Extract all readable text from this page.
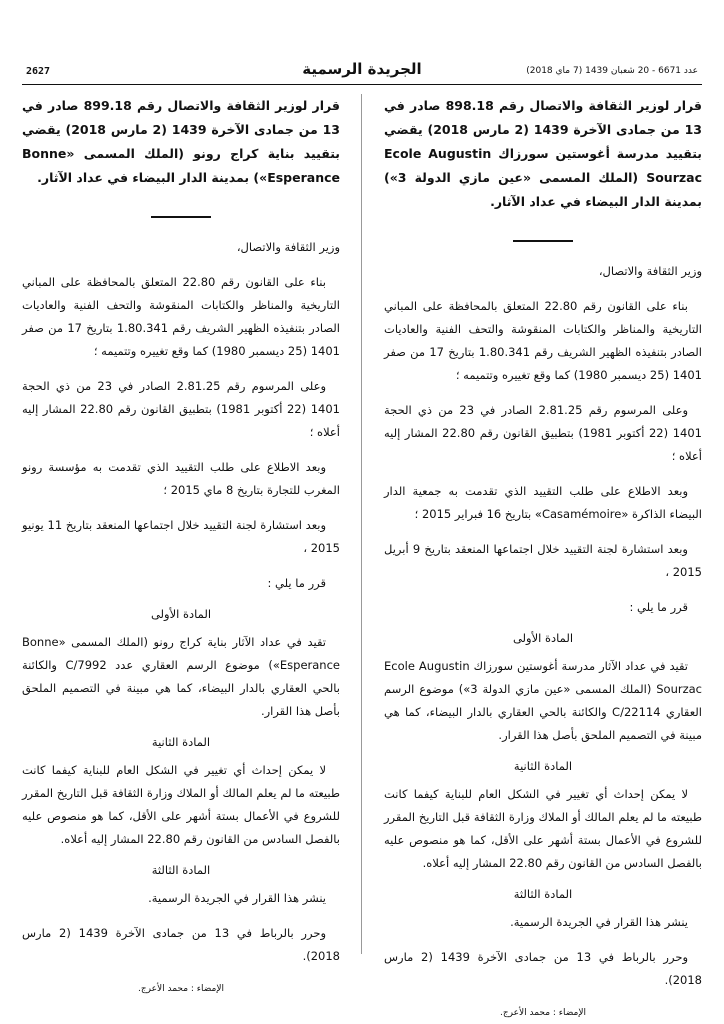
2627	الجريدة الرسمية	عدد 6671 - 20 شعبان 1439 (7 ماي 2018)

قرار لوزير الثقافة والاتصال رقم 898.18 صادر في 13 من جمادى الآخرة 1439 (2 مارس 2018) يقضي بتقييد مدرسة أغوستين سورزاك Ecole Augustin Sourzac (الملك المسمى «عين مازي الدولة 3») بمدينة الدار البيضاء في عداد الآثار.

وزير الثقافة والاتصال،

بناء على القانون رقم 22.80 المتعلق بالمحافظة على المباني التاريخية والمناظر والكتابات المنقوشة والتحف الفنية والعاديات الصادر بتنفيذه الظهير الشريف رقم 1.80.341 بتاريخ 17 من صفر 1401 (25 ديسمبر 1980) كما وقع تغييره وتتميمه ؛

وعلى المرسوم رقم 2.81.25 الصادر في 23 من ذي الحجة 1401 (22 أكتوبر 1981) بتطبيق القانون رقم 22.80 المشار إليه أعلاه ؛

وبعد الاطلاع على طلب التقييد الذي تقدمت به جمعية الدار البيضاء الذاكرة «Casamémoire» بتاريخ 16 فبراير 2015 ؛

وبعد استشارة لجنة التقييد خلال اجتماعها المنعقد بتاريخ 9 أبريل 2015 ،

قرر ما يلي :

المادة الأولى

تقيد في عداد الآثار مدرسة أغوستين سورزاك Ecole Augustin Sourzac (الملك المسمى «عين مازي الدولة 3») موضوع الرسم العقاري C/22114 والكائنة بالحي العقاري بالدار البيضاء، كما هي مبينة في التصميم الملحق بأصل هذا القرار.

المادة الثانية

لا يمكن إحداث أي تغيير في الشكل العام للبناية كيفما كانت طبيعته ما لم يعلم المالك أو الملاك وزارة الثقافة قبل التاريخ المقرر للشروع في الأعمال بستة أشهر على الأقل، كما هو منصوص عليه بالفصل السادس من القانون رقم 22.80 المشار إليه أعلاه.

المادة الثالثة

ينشر هذا القرار في الجريدة الرسمية.

وحرر بالرباط في 13 من جمادى الآخرة 1439 (2 مارس 2018).

الإمضاء : محمد الأعرج.

قرار لوزير الثقافة والاتصال رقم 899.18 صادر في 13 من جمادى الآخرة 1439 (2 مارس 2018) يقضي بتقييد بناية كراج رونو (الملك المسمى «Bonne Esperance») بمدينة الدار البيضاء في عداد الآثار.

وزير الثقافة والاتصال،

بناء على القانون رقم 22.80 المتعلق بالمحافظة على المباني التاريخية والمناظر والكتابات المنقوشة والتحف الفنية والعاديات الصادر بتنفيذه الظهير الشريف رقم 1.80.341 بتاريخ 17 من صفر 1401 (25 ديسمبر 1980) كما وقع تغييره وتتميمه ؛

وعلى المرسوم رقم 2.81.25 الصادر في 23 من ذي الحجة 1401 (22 أكتوبر 1981) بتطبيق القانون رقم 22.80 المشار إليه أعلاه ؛

وبعد الاطلاع على طلب التقييد الذي تقدمت به مؤسسة رونو المغرب للتجارة بتاريخ 8 ماي 2015 ؛

وبعد استشارة لجنة التقييد خلال اجتماعها المنعقد بتاريخ 11 يونيو 2015 ،

قرر ما يلي :

المادة الأولى

تقيد في عداد الآثار بناية كراج رونو (الملك المسمى «Bonne Esperance») موضوع الرسم العقاري عدد C/7992 والكائنة بالحي العقاري بالدار البيضاء، كما هي مبينة في التصميم الملحق بأصل هذا القرار.

المادة الثانية

لا يمكن إحداث أي تغيير في الشكل العام للبناية كيفما كانت طبيعته ما لم يعلم المالك أو الملاك وزارة الثقافة قبل التاريخ المقرر للشروع في الأعمال بستة أشهر على الأقل، كما هو منصوص عليه بالفصل السادس من القانون رقم 22.80 المشار إليه أعلاه.

المادة الثالثة

ينشر هذا القرار في الجريدة الرسمية.

وحرر بالرباط في 13 من جمادى الآخرة 1439 (2 مارس 2018).

الإمضاء : محمد الأعرج.
